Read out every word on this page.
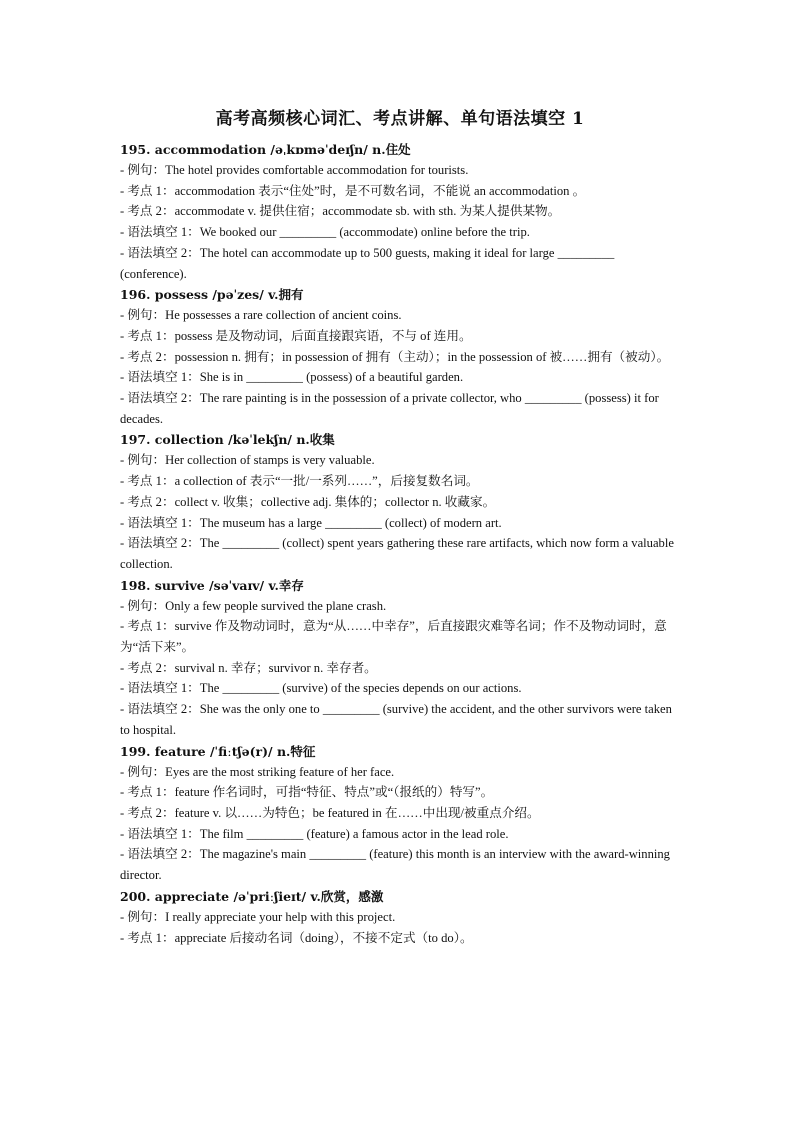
高考高频核心词汇、考点讲解、单句语法填空 1

195. accommodation /əˌkɒməˈdeɪʃn/ n.住处

- 例句：The hotel provides comfortable accommodation for tourists.

- 考点 1：accommodation 表示“住处”时，是不可数名词，不能说 an accommodation 。

- 考点 2：accommodate v. 提供住宿；accommodate sb. with sth. 为某人提供某物。

- 语法填空 1：We booked our _________ (accommodate) online before the trip.

- 语法填空 2：The hotel can accommodate up to 500 guests, making it ideal for large _________ (conference).

196. possess /pəˈzes/ v.拥有

- 例句：He possesses a rare collection of ancient coins.

- 考点 1：possess 是及物动词，后面直接跟宾语，不与 of 连用。

- 考点 2：possession n. 拥有；in possession of 拥有（主动）；in the possession of 被……拥有（被动）。

- 语法填空 1：She is in _________ (possess) of a beautiful garden.

- 语法填空 2：The rare painting is in the possession of a private collector, who _________ (possess) it for decades.

197. collection /kəˈlekʃn/ n.收集

- 例句：Her collection of stamps is very valuable.

- 考点 1：a collection of 表示“一批/一系列……”，后接复数名词。

- 考点 2：collect v. 收集；collective adj. 集体的；collector n. 收藏家。

- 语法填空 1：The museum has a large _________ (collect) of modern art.

- 语法填空 2：The _________ (collect) spent years gathering these rare artifacts, which now form a valuable collection.

198. survive /səˈvaɪv/ v.幸存

- 例句：Only a few people survived the plane crash.

- 考点 1：survive 作及物动词时，意为“从……中幸存”，后直接跟灾难等名词；作不及物动词时，意为“活下来”。

- 考点 2：survival n. 幸存；survivor n. 幸存者。

- 语法填空 1：The _________ (survive) of the species depends on our actions.

- 语法填空 2：She was the only one to _________ (survive) the accident, and the other survivors were taken to hospital.

199. feature /ˈfiːtʃə(r)/ n.特征

- 例句：Eyes are the most striking feature of her face.

- 考点 1：feature 作名词时，可指“特征、特点”或“（报纸的）特写”。

- 考点 2：feature v. 以……为特色；be featured in 在……中出现/被重点介绍。

- 语法填空 1：The film _________ (feature) a famous actor in the lead role.

- 语法填空 2：The magazine's main _________ (feature) this month is an interview with the award-winning director.

200. appreciate /əˈpriːʃieɪt/ v.欣赏，感激

- 例句：I really appreciate your help with this project.

- 考点 1：appreciate 后接动名词（doing），不接不定式（to do）。
